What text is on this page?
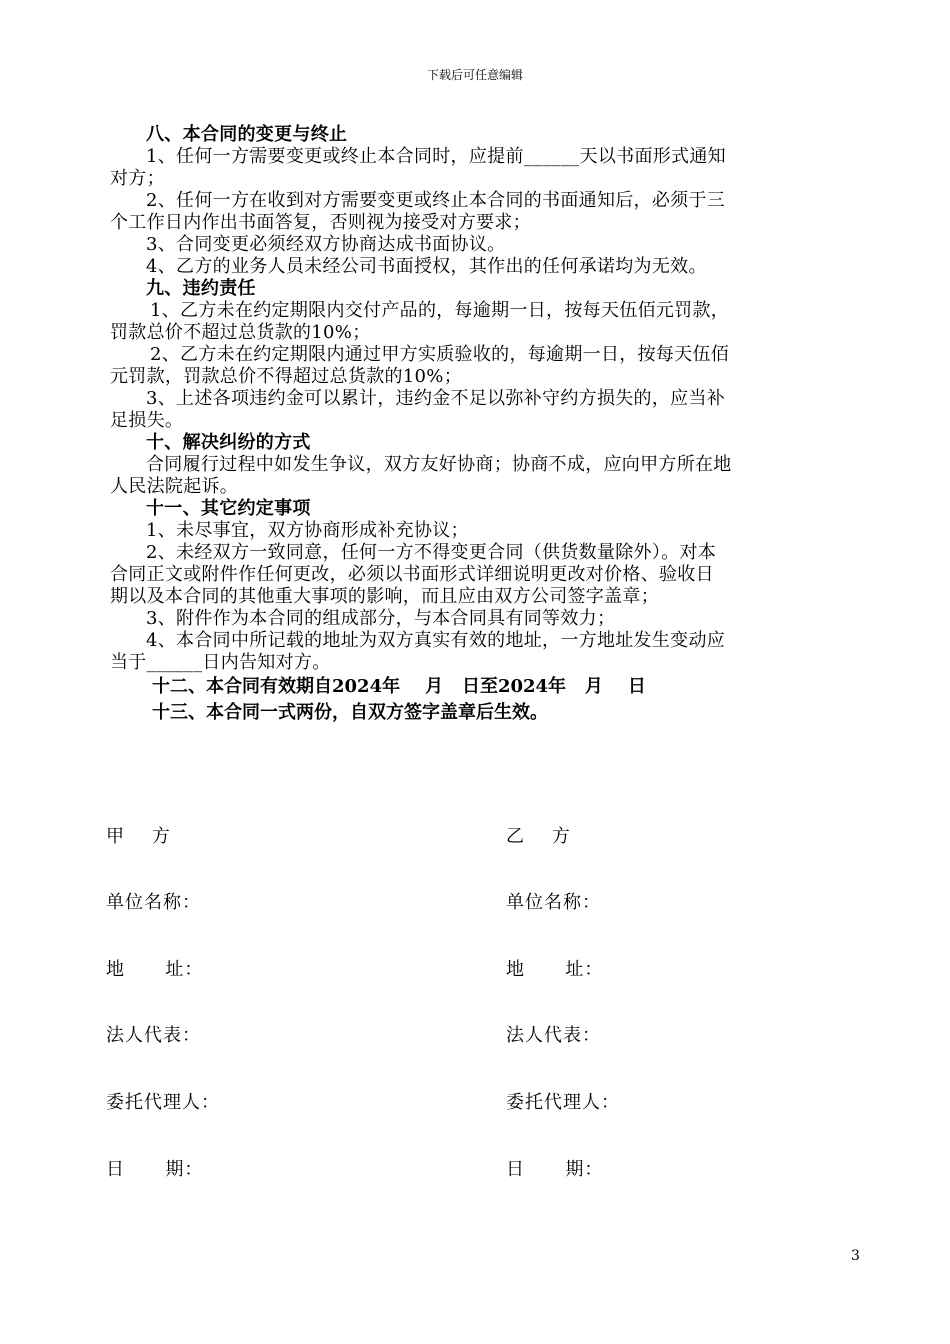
下载后可任意编辑
八、本合同的变更与终止
1、任何一方需要变更或终止本合同时，应提前______天以书面形式通知
对方；
2、任何一方在收到对方需要变更或终止本合同的书面通知后，必须于三
个工作日内作出书面答复，否则视为接受对方要求；
3、合同变更必须经双方协商达成书面协议。
4、乙方的业务人员未经公司书面授权，其作出的任何承诺均为无效。
九、违约责任
1、乙方未在约定期限内交付产品的，每逾期一日，按每天伍佰元罚款，
罚款总价不超过总货款的10%；
2、乙方未在约定期限内通过甲方实质验收的，每逾期一日，按每天伍佰
元罚款，罚款总价不得超过总货款的10%；
3、上述各项违约金可以累计，违约金不足以弥补守约方损失的，应当补
足损失。
十、解决纠纷的方式
合同履行过程中如发生争议，双方友好协商；协商不成，应向甲方所在地
人民法院起诉。
十一、其它约定事项
1、未尽事宜，双方协商形成补充协议；
2、未经双方一致同意，任何一方不得变更合同（供货数量除外）。对本
合同正文或附件作任何更改，必须以书面形式详细说明更改对价格、验收日
期以及本合同的其他重大事项的影响，而且应由双方公司签字盖章；
3、附件作为本合同的组成部分，与本合同具有同等效力；
4、本合同中所记载的地址为双方真实有效的地址，一方地址发生变动应
当于______日内告知对方。
十二、本合同有效期自2024年    月   日至2024年   月    日
十三、本合同一式两份，自双方签字盖章后生效。
甲    方
单位名称：
地      址：
法人代表：
委托代理人：
日      期：
乙    方
单位名称：
地      址：
法人代表：
委托代理人：
日      期：
3
